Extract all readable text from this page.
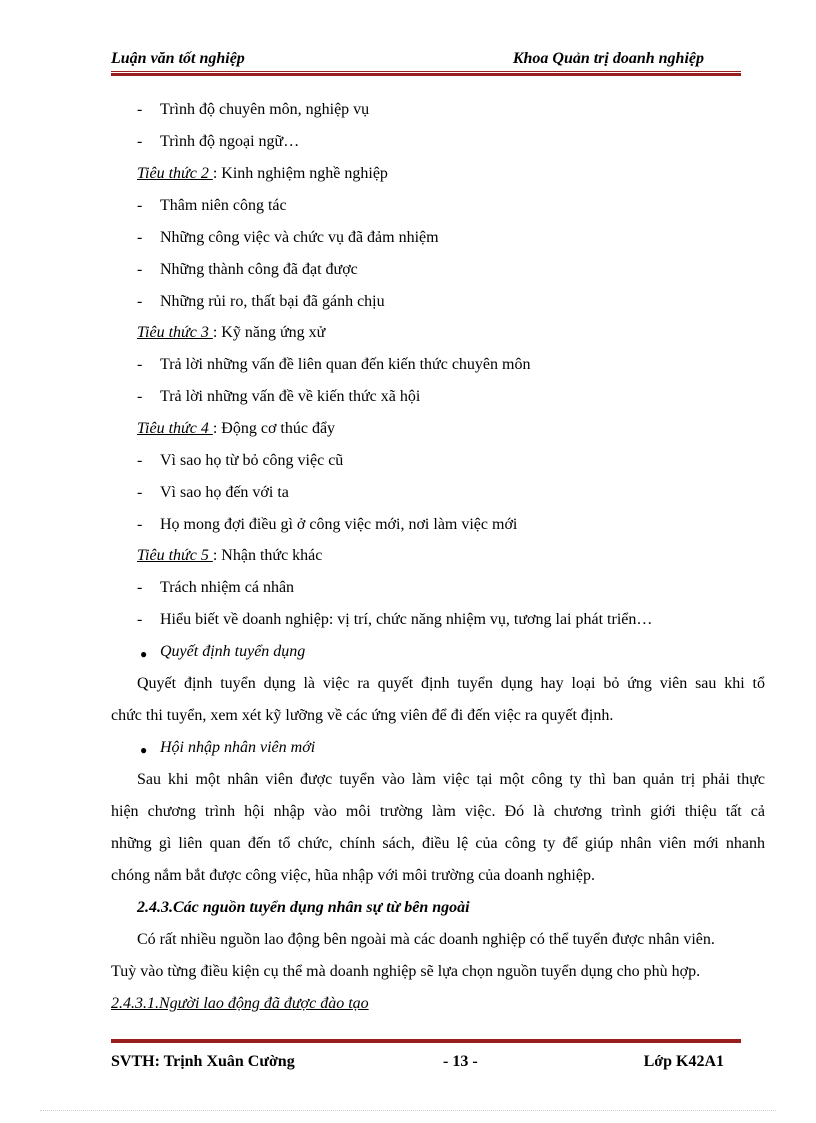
Luận văn tốt nghiệp	Khoa Quản trị doanh nghiệp
- Trình độ chuyên môn, nghiệp vụ
- Trình độ ngoại ngữ…
Tiêu thức 2 : Kinh nghiệm nghề nghiệp
- Thâm niên công tác
- Những công việc và chức vụ đã đảm nhiệm
- Những thành công đã đạt được
- Những rủi ro, thất bại đã gánh chịu
Tiêu thức 3 : Kỹ năng ứng xử
- Trả lời những vấn đề liên quan đến kiến thức chuyên môn
- Trả lời những vấn đề về kiến thức xã hội
Tiêu thức 4 : Động cơ thúc đẩy
- Vì sao họ từ bỏ công việc cũ
- Vì sao họ đến với ta
- Họ mong đợi điều gì ở công việc mới, nơi làm việc mới
Tiêu thức 5 : Nhận thức khác
- Trách nhiệm cá nhân
- Hiểu biết về doanh nghiệp: vị trí, chức năng nhiệm vụ, tương lai phát triển…
● Quyết định tuyển dụng
Quyết định tuyển dụng là việc ra quyết định tuyển dụng hay loại bỏ ứng viên sau khi tổ
chức thi tuyển, xem xét kỹ lưỡng về các ứng viên để đi đến việc ra quyết định.
● Hội nhập nhân viên mới
Sau khi một nhân viên được tuyển vào làm việc tại một công ty thì ban quản trị phải thực
hiện chương trình hội nhập vào môi trường làm việc. Đó là chương trình giới thiệu tất cả
những gì liên quan đến tổ chức, chính sách, điều lệ của công ty để giúp nhân viên mới nhanh
chóng nắm bắt được công việc, hũa nhập với môi trường của doanh nghiệp.
2.4.3.Các nguồn tuyển dụng nhân sự từ bên ngoài
Có rất nhiều nguồn lao động bên ngoài mà các doanh nghiệp có thể tuyển được nhân viên.
Tuỳ vào từng điều kiện cụ thể mà doanh nghiệp sẽ lựa chọn nguồn tuyển dụng cho phù hợp.
2.4.3.1.Người lao động đã được đào tạo
SVTH: Trịnh Xuân Cường	- 13 -	Lớp K42A1
